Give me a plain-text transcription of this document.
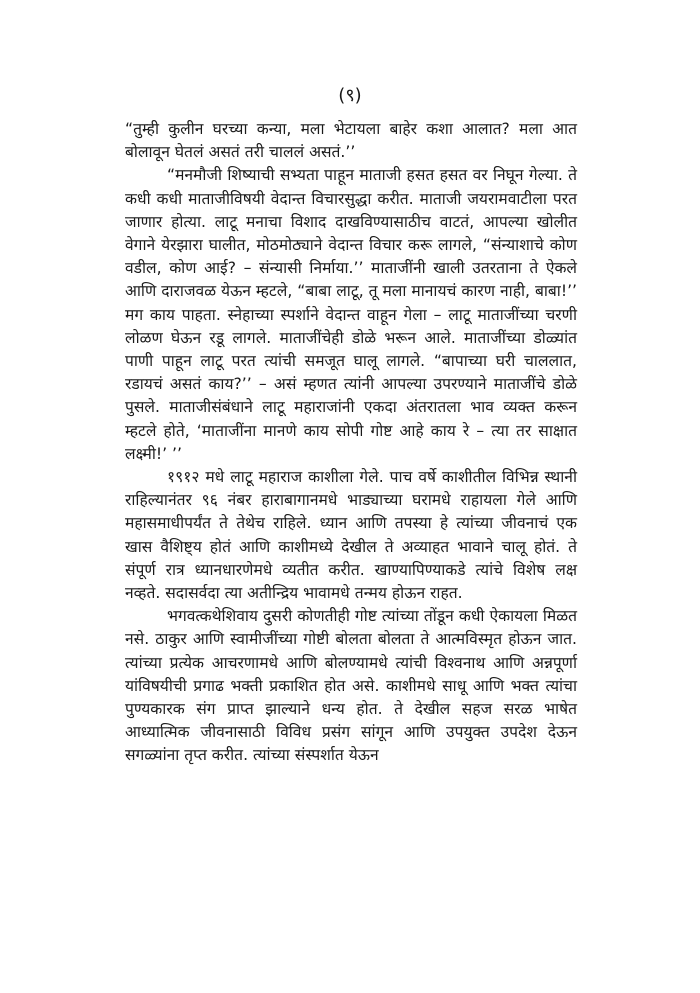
(९)

“तुम्ही कुलीन घरच्या कन्या, मला भेटायला बाहेर कशा आलात? मला आत बोलावून घेतलं असतं तरी चाललं असतं.’’

“मनमौजी शिष्याची सभ्यता पाहून माताजी हसत हसत वर निघून गेल्या. ते कधी कधी माताजीविषयी वेदान्त विचारसुद्धा करीत. माताजी जयरामवाटीला परत जाणार होत्या. लाटू मनाचा विशाद दाखविण्यासाठीच वाटतं, आपल्या खोलीत वेगाने येरझारा घालीत, मोठमोठ्याने वेदान्त विचार करू लागले, “संन्याशाचे कोण वडील, कोण आई? – संन्यासी निर्माया.’’ माताजींनी खाली उतरताना ते ऐकले आणि दाराजवळ येऊन म्हटले, “बाबा लाटू, तू मला मानायचं कारण नाही, बाबा!’’ मग काय पाहता. स्नेहाच्या स्पर्शाने वेदान्त वाहून गेला – लाटू माताजींच्या चरणी लोळण घेऊन रडू लागले. माताजींचेही डोळे भरून आले. माताजींच्या डोळ्यांत पाणी पाहून लाटू परत त्यांची समजूत घालू लागले. “बापाच्या घरी चाललात, रडायचं असतं काय?’’ – असं म्हणत त्यांनी आपल्या उपरण्याने माताजींचे डोळे पुसले. माताजीसंबंधाने लाटू महाराजांनी एकदा अंतरातला भाव व्यक्त करून म्हटले होते, ‘माताजींना मानणे काय सोपी गोष्ट आहे काय रे – त्या तर साक्षात लक्ष्मी!’ ’’

१९१२ मधे लाटू महाराज काशीला गेले. पाच वर्षे काशीतील विभिन्न स्थानी राहिल्यानंतर ९६ नंबर हाराबागानमधे भाड्याच्या घरामधे राहायला गेले आणि महासमाधीपर्यंत ते तेथेच राहिले. ध्यान आणि तपस्या हे त्यांच्या जीवनाचं एक खास वैशिष्ट्य होतं आणि काशीमध्ये देखील ते अव्याहत भावाने चालू होतं. ते संपूर्ण रात्र ध्यानधारणेमधे व्यतीत करीत. खाण्यापिण्याकडे त्यांचे विशेष लक्ष नव्हते. सदासर्वदा त्या अतीन्द्रिय भावामधे तन्मय होऊन राहत.

भगवत्कथेशिवाय दुसरी कोणतीही गोष्ट त्यांच्या तोंडून कधी ऐकायला मिळत नसे. ठाकुर आणि स्वामीजींच्या गोष्टी बोलता बोलता ते आत्मविस्मृत होऊन जात. त्यांच्या प्रत्येक आचरणामधे आणि बोलण्यामधे त्यांची विश्वनाथ आणि अन्नपूर्णा यांविषयीची प्रगाढ भक्ती प्रकाशित होत असे. काशीमधे साधू आणि भक्त त्यांचा पुण्यकारक संग प्राप्त झाल्याने धन्य होत. ते देखील सहज सरळ भाषेत आध्यात्मिक जीवनासाठी विविध प्रसंग सांगून आणि उपयुक्त उपदेश देऊन सगळ्यांना तृप्त करीत. त्यांच्या संस्पर्शात येऊन
